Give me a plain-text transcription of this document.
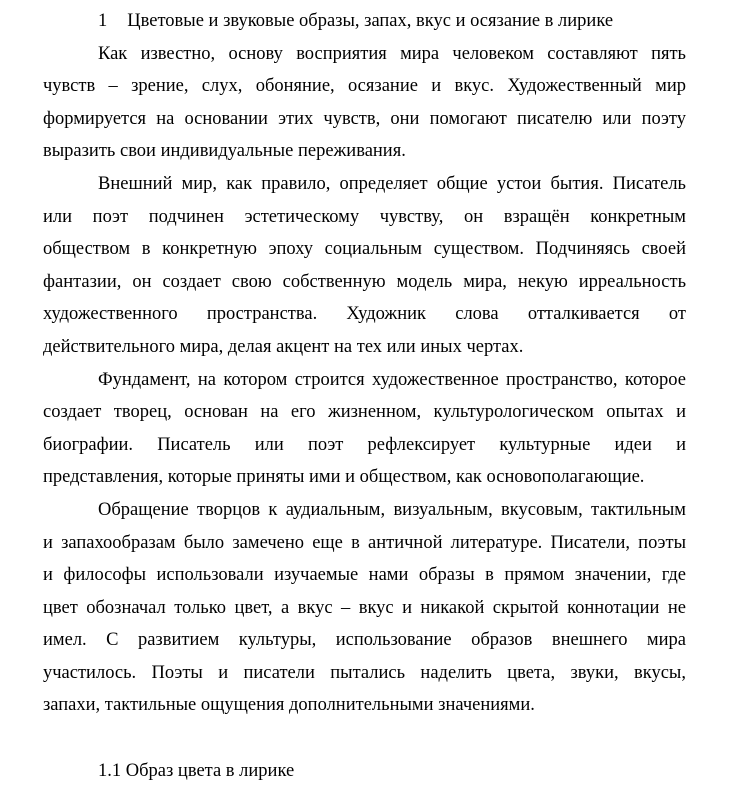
1 Цветовые и звуковые образы, запах, вкус и осязание в лирике

Как известно, основу восприятия мира человеком составляют пять
чувств – зрение, слух, обоняние, осязание и вкус. Художественный мир
формируется на основании этих чувств, они помогают писателю или поэту
выразить свои индивидуальные переживания.

Внешний мир, как правило, определяет общие устои бытия. Писатель
или поэт подчинен эстетическому чувству, он взращён конкретным
обществом в конкретную эпоху социальным существом. Подчиняясь своей
фантазии, он создает свою собственную модель мира, некую ирреальность
художественного пространства. Художник слова отталкивается от
действительного мира, делая акцент на тех или иных чертах.

Фундамент, на котором строится художественное пространство, которое
создает творец, основан на его жизненном, культурологическом опытах и
биографии. Писатель или поэт рефлексирует культурные идеи и
представления, которые приняты ими и обществом, как основополагающие.

Обращение творцов к аудиальным, визуальным, вкусовым, тактильным
и запахообразам было замечено еще в античной литературе. Писатели, поэты
и философы использовали изучаемые нами образы в прямом значении, где
цвет обозначал только цвет, а вкус – вкус и никакой скрытой коннотации не
имел. С развитием культуры, использование образов внешнего мира
участилось. Поэты и писатели пытались наделить цвета, звуки, вкусы,
запахи, тактильные ощущения дополнительными значениями.

1.1 Образ цвета в лирике
